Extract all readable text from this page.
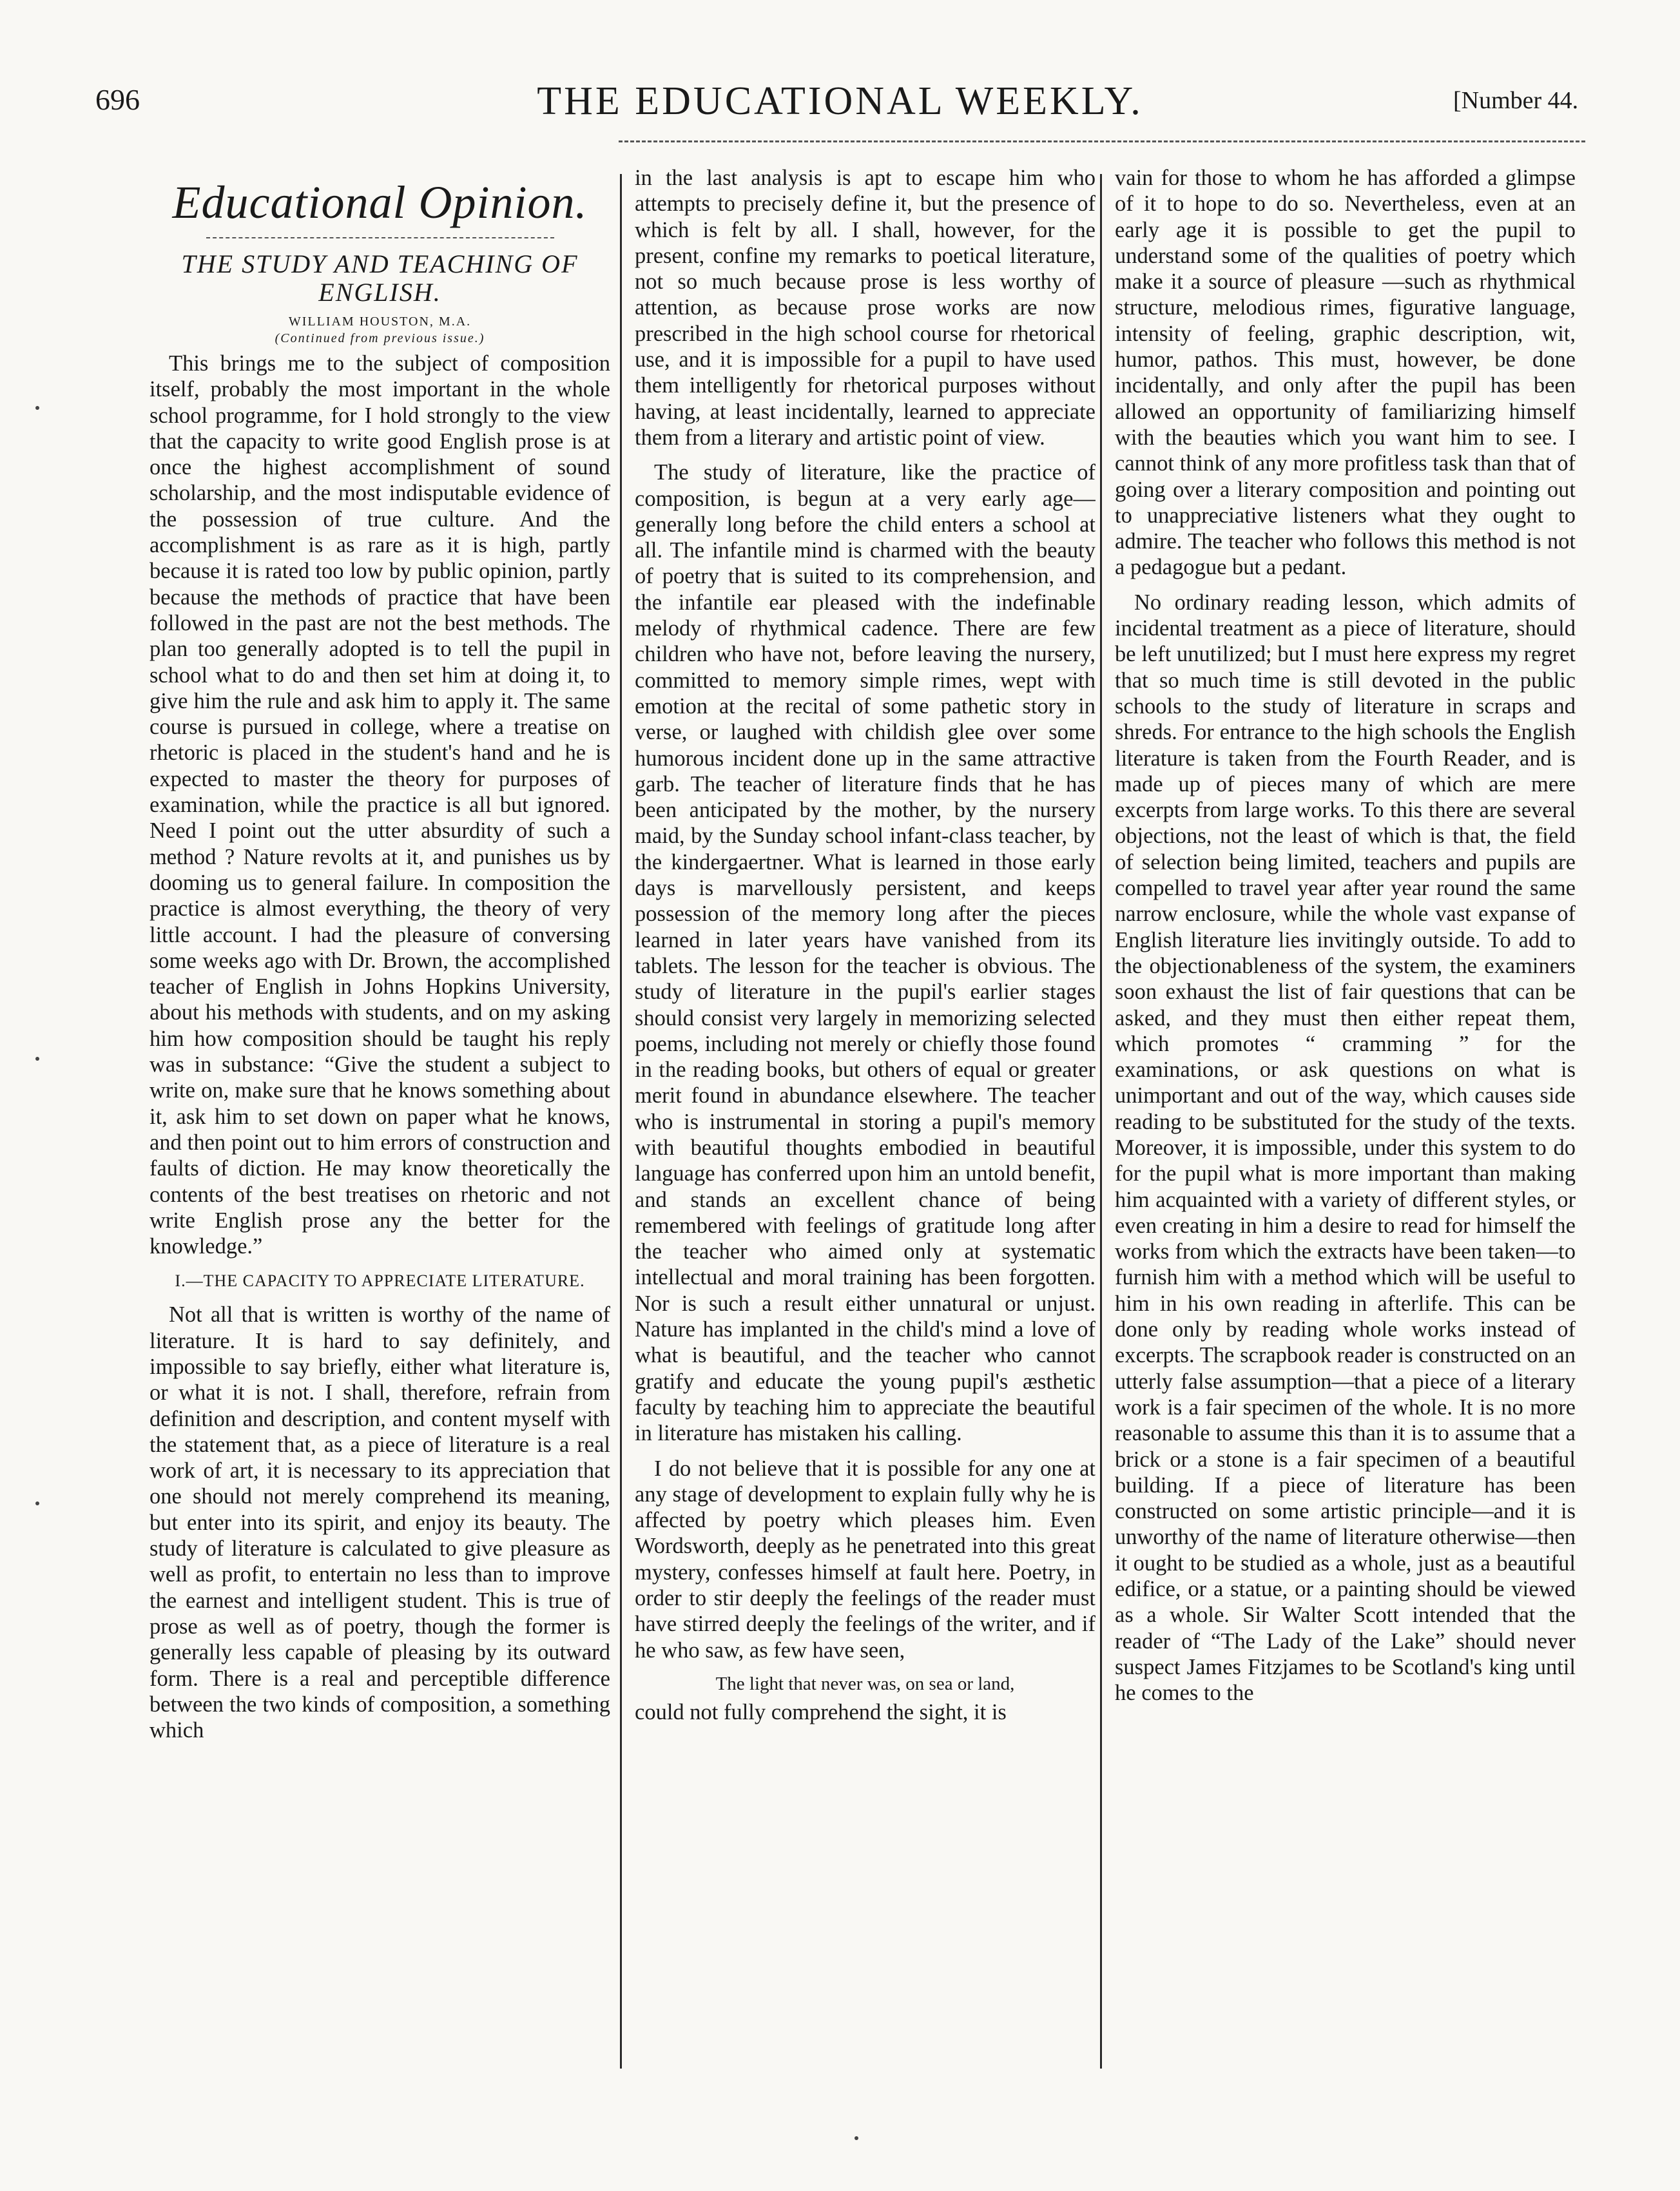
696	THE EDUCATIONAL WEEKLY.	[Number 44.
Educational Opinion.
THE STUDY AND TEACHING OF
ENGLISH.
WILLIAM HOUSTON, M.A.
(Continued from previous issue.)

This brings me to the subject of composition itself, probably the most important in the whole school programme, for I hold strongly to the view that the capacity to write good English prose is at once the highest accomplishment of sound scholarship, and the most indisputable evidence of the possession of true culture. And the accomplishment is as rare as it is high, partly because it is rated too low by public opinion, partly because the methods of practice that have been followed in the past are not the best methods. The plan too generally adopted is to tell the pupil in school what to do and then set him at doing it, to give him the rule and ask him to apply it. The same course is pursued in college, where a treatise on rhetoric is placed in the student's hand and he is expected to master the theory for purposes of examination, while the practice is all but ignored. Need I point out the utter absurdity of such a method ? Nature revolts at it, and punishes us by dooming us to general failure. In composition the practice is almost everything, the theory of very little account. I had the pleasure of conversing some weeks ago with Dr. Brown, the accomplished teacher of English in Johns Hopkins University, about his methods with students, and on my asking him how composition should be taught his reply was in substance: “Give the student a subject to write on, make sure that he knows something about it, ask him to set down on paper what he knows, and then point out to him errors of construction and faults of diction. He may know theoretically the contents of the best treatises on rhetoric and not write English prose any the better for the knowledge.”

I.—THE CAPACITY TO APPRECIATE LITERATURE.

Not all that is written is worthy of the name of literature. It is hard to say definitely, and impossible to say briefly, either what literature is, or what it is not. I shall, therefore, refrain from definition and description, and content myself with the statement that, as a piece of literature is a real work of art, it is necessary to its appreciation that one should not merely comprehend its meaning, but enter into its spirit, and enjoy its beauty. The study of literature is calculated to give pleasure as well as profit, to entertain no less than to improve the earnest and intelligent student. This is true of prose as well as of poetry, though the former is generally less capable of pleasing by its outward form. There is a real and perceptible difference between the two kinds of composition, a something which

in the last analysis is apt to escape him who attempts to precisely define it, but the presence of which is felt by all. I shall, however, for the present, confine my remarks to poetical literature, not so much because prose is less worthy of attention, as because prose works are now prescribed in the high school course for rhetorical use, and it is impossible for a pupil to have used them intelligently for rhetorical purposes without having, at least incidentally, learned to appreciate them from a literary and artistic point of view.

The study of literature, like the practice of composition, is begun at a very early age—generally long before the child enters a school at all. The infantile mind is charmed with the beauty of poetry that is suited to its comprehension, and the infantile ear pleased with the indefinable melody of rhythmical cadence. There are few children who have not, before leaving the nursery, committed to memory simple rimes, wept with emotion at the recital of some pathetic story in verse, or laughed with childish glee over some humorous incident done up in the same attractive garb. The teacher of literature finds that he has been anticipated by the mother, by the nursery maid, by the Sunday school infant-class teacher, by the kindergaertner. What is learned in those early days is marvellously persistent, and keeps possession of the memory long after the pieces learned in later years have vanished from its tablets. The lesson for the teacher is obvious. The study of literature in the pupil's earlier stages should consist very largely in memorizing selected poems, including not merely or chiefly those found in the reading books, but others of equal or greater merit found in abundance elsewhere. The teacher who is instrumental in storing a pupil's memory with beautiful thoughts embodied in beautiful language has conferred upon him an untold benefit, and stands an excellent chance of being remembered with feelings of gratitude long after the teacher who aimed only at systematic intellectual and moral training has been forgotten. Nor is such a result either unnatural or unjust. Nature has implanted in the child's mind a love of what is beautiful, and the teacher who cannot gratify and educate the young pupil's æsthetic faculty by teaching him to appreciate the beautiful in literature has mistaken his calling.

I do not believe that it is possible for any one at any stage of development to explain fully why he is affected by poetry which pleases him. Even Wordsworth, deeply as he penetrated into this great mystery, confesses himself at fault here. Poetry, in order to stir deeply the feelings of the reader must have stirred deeply the feelings of the writer, and if he who saw, as few have seen,

The light that never was, on sea or land,

could not fully comprehend the sight, it is

vain for those to whom he has afforded a glimpse of it to hope to do so. Nevertheless, even at an early age it is possible to get the pupil to understand some of the qualities of poetry which make it a source of pleasure —such as rhythmical structure, melodious rimes, figurative language, intensity of feeling, graphic description, wit, humor, pathos. This must, however, be done incidentally, and only after the pupil has been allowed an opportunity of familiarizing himself with the beauties which you want him to see. I cannot think of any more profitless task than that of going over a literary composition and pointing out to unappreciative listeners what they ought to admire. The teacher who follows this method is not a pedagogue but a pedant.

No ordinary reading lesson, which admits of incidental treatment as a piece of literature, should be left unutilized; but I must here express my regret that so much time is still devoted in the public schools to the study of literature in scraps and shreds. For entrance to the high schools the English literature is taken from the Fourth Reader, and is made up of pieces many of which are mere excerpts from large works. To this there are several objections, not the least of which is that, the field of selection being limited, teachers and pupils are compelled to travel year after year round the same narrow enclosure, while the whole vast expanse of English literature lies invitingly outside. To add to the objectionableness of the system, the examiners soon exhaust the list of fair questions that can be asked, and they must then either repeat them, which promotes “ cramming ” for the examinations, or ask questions on what is unimportant and out of the way, which causes side reading to be substituted for the study of the texts. Moreover, it is impossible, under this system to do for the pupil what is more important than making him acquainted with a variety of different styles, or even creating in him a desire to read for himself the works from which the extracts have been taken—to furnish him with a method which will be useful to him in his own reading in afterlife. This can be done only by reading whole works instead of excerpts. The scrapbook reader is constructed on an utterly false assumption—that a piece of a literary work is a fair specimen of the whole. It is no more reasonable to assume this than it is to assume that a brick or a stone is a fair specimen of a beautiful building. If a piece of literature has been constructed on some artistic principle—and it is unworthy of the name of literature otherwise—then it ought to be studied as a whole, just as a beautiful edifice, or a statue, or a painting should be viewed as a whole. Sir Walter Scott intended that the reader of “The Lady of the Lake” should never suspect James Fitzjames to be Scotland's king until he comes to the
